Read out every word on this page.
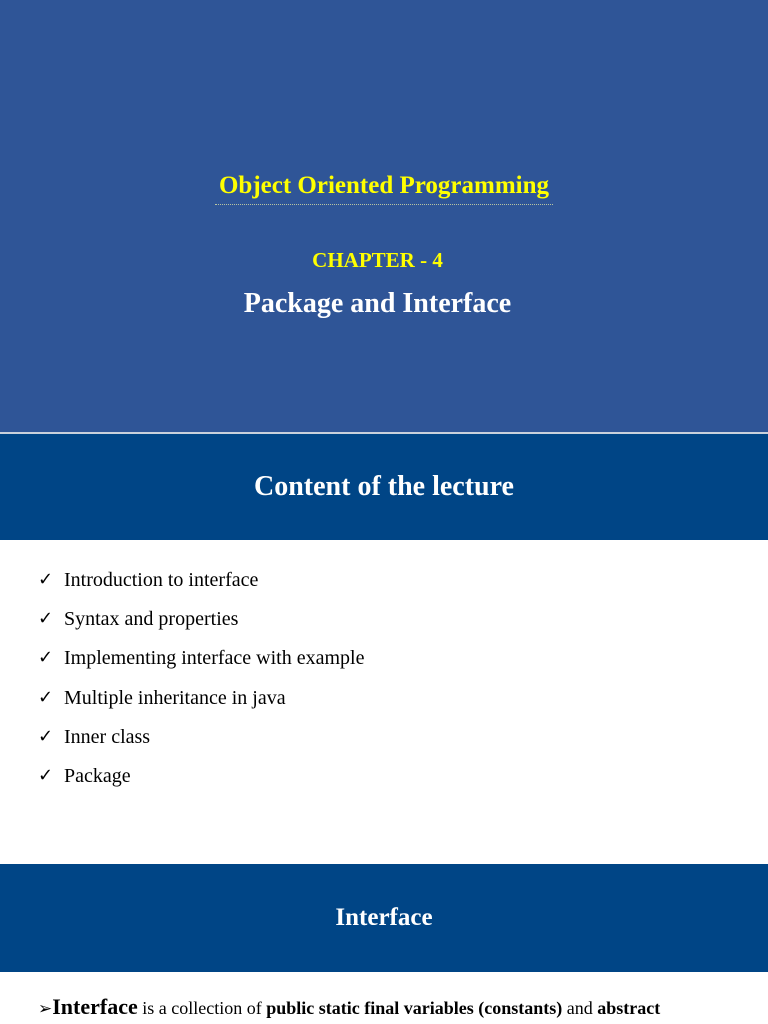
Object Oriented Programming
CHAPTER - 4
Package and Interface
Content of the lecture
✓ Introduction to interface
✓ Syntax and properties
✓ Implementing interface with example
✓ Multiple inheritance in java
✓ Inner class
✓ Package
Interface
➢Interface is a collection of public static final variables (constants) and abstract
